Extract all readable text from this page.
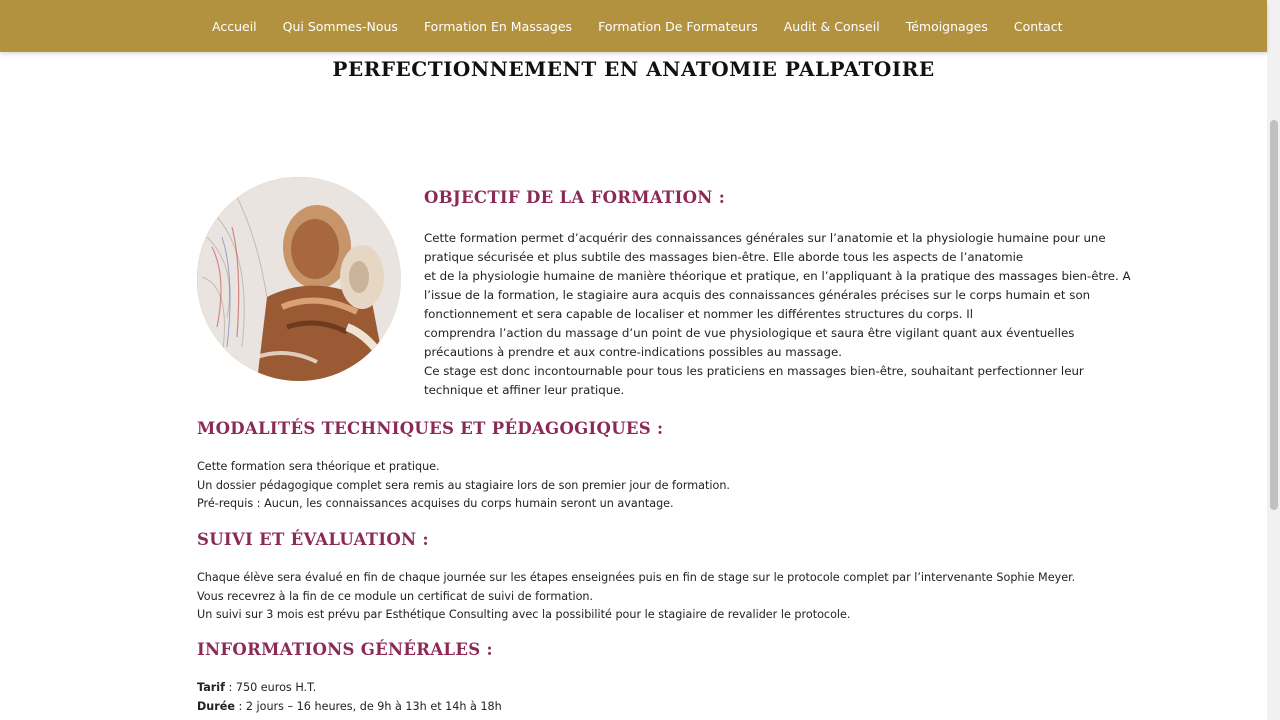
Accueil Qui Sommes-Nous Formation En Massages Formation De Formateurs Audit & Conseil Témoignages Contact
PERFECTIONNEMENT EN ANATOMIE PALPATOIRE
OBJECTIF DE LA FORMATION :
Cette formation permet d’acquérir des connaissances générales sur l’anatomie et la physiologie humaine pour une
pratique sécurisée et plus subtile des massages bien-être. Elle aborde tous les aspects de l’anatomie
et de la physiologie humaine de manière théorique et pratique, en l’appliquant à la pratique des massages bien-être. A
l’issue de la formation, le stagiaire aura acquis des connaissances générales précises sur le corps humain et son
fonctionnement et sera capable de localiser et nommer les différentes structures du corps. Il
comprendra l’action du massage d’un point de vue physiologique et saura être vigilant quant aux éventuelles
précautions à prendre et aux contre-indications possibles au massage.
Ce stage est donc incontournable pour tous les praticiens en massages bien-être, souhaitant perfectionner leur
technique et affiner leur pratique.
MODALITÉS TECHNIQUES ET PÉDAGOGIQUES :
Cette formation sera théorique et pratique.
Un dossier pédagogique complet sera remis au stagiaire lors de son premier jour de formation.
Pré-requis : Aucun, les connaissances acquises du corps humain seront un avantage.
SUIVI ET ÉVALUATION :
Chaque élève sera évalué en fin de chaque journée sur les étapes enseignées puis en fin de stage sur le protocole complet par l’intervenante Sophie Meyer.
Vous recevrez à la fin de ce module un certificat de suivi de formation.
Un suivi sur 3 mois est prévu par Esthétique Consulting avec la possibilité pour le stagiaire de revalider le protocole.
INFORMATIONS GÉNÉRALES :
Tarif : 750 euros H.T.
Durée : 2 jours – 16 heures, de 9h à 13h et 14h à 18h
